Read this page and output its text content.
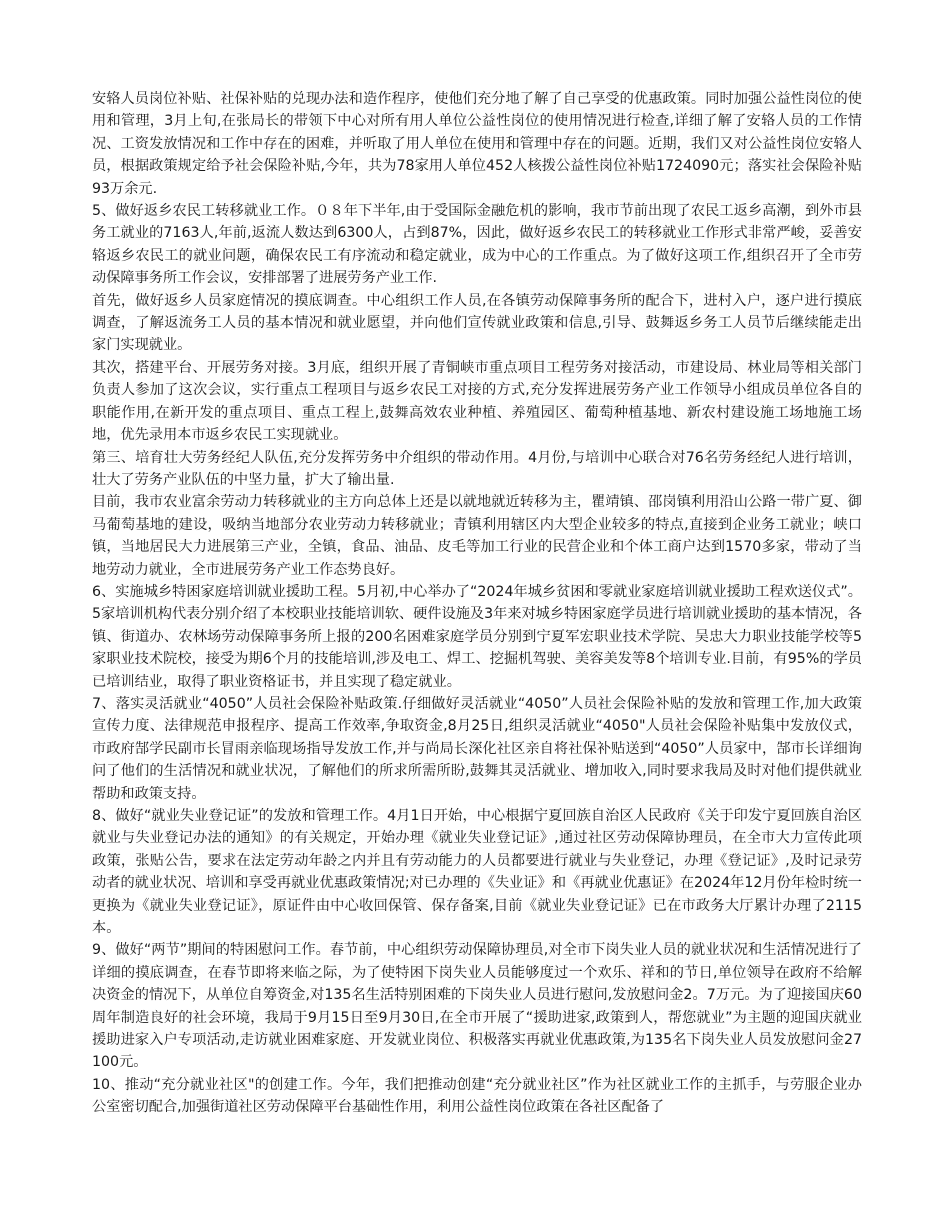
安辂人员岗位补贴、社保补贴的兑现办法和造作程序，使他们充分地了解了自己享受的优惠政策。同时加强公益性岗位的使用和管理，3月上旬,在张局长的带领下中心对所有用人单位公益性岗位的使用情况进行检查,详细了解了安辂人员的工作情况、工资发放情况和工作中存在的困难，并听取了用人单位在使用和管理中存在的问题。近期，我们又对公益性岗位安辂人员，根据政策规定给予社会保险补贴,今年，共为78家用人单位452人核拨公益性岗位补贴1724090元；落实社会保险补贴93万余元.

5、做好返乡农民工转移就业工作。０８年下半年,由于受国际金融危机的影响，我市节前出现了农民工返乡高潮，到外市县务工就业的7163人,年前,返流人数达到6300人，占到87%，因此，做好返乡农民工的转移就业工作形式非常严峻，妥善安辂返乡农民工的就业问题，确保农民工有序流动和稳定就业，成为中心的工作重点。为了做好这项工作,组织召开了全市劳动保障事务所工作会议，安排部署了进展劳务产业工作.

首先，做好返乡人员家庭情况的摸底调查。中心组织工作人员,在各镇劳动保障事务所的配合下，进村入户，逐户进行摸底调查，了解返流务工人员的基本情况和就业愿望，并向他们宣传就业政策和信息,引导、鼓舞返乡务工人员节后继续能走出家门实现就业。

其次，搭建平台、开展劳务对接。3月底，组织开展了青铜峡市重点项目工程劳务对接活动，市建设局、林业局等相关部门负责人参加了这次会议，实行重点工程项目与返乡农民工对接的方式,充分发挥进展劳务产业工作领导小组成员单位各自的职能作用,在新开发的重点项目、重点工程上,鼓舞高效农业种植、养殖园区、葡萄种植基地、新农村建设施工场地施工场地，优先录用本市返乡农民工实现就业。

第三、培育壮大劳务经纪人队伍,充分发挥劳务中介组织的带动作用。4月份,与培训中心联合对76名劳务经纪人进行培训，壮大了劳务产业队伍的中坚力量，扩大了输出量.

目前，我市农业富余劳动力转移就业的主方向总体上还是以就地就近转移为主，瞿靖镇、邵岗镇利用沿山公路一带广夏、御马葡萄基地的建设，吸纳当地部分农业劳动力转移就业；青镇利用辖区内大型企业较多的特点,直接到企业务工就业；峡口镇，当地居民大力进展第三产业，全镇，食品、油品、皮毛等加工行业的民营企业和个体工商户达到1570多家，带动了当地劳动力就业，全市进展劳务产业工作态势良好。

6、实施城乡特困家庭培训就业援助工程。5月初,中心举办了“2024年城乡贫困和零就业家庭培训就业援助工程欢送仪式”。 5家培训机构代表分别介绍了本校职业技能培训软、硬件设施及3年来对城乡特困家庭学员进行培训就业援助的基本情况，各镇、街道办、农林场劳动保障事务所上报的200名困难家庭学员分别到宁夏军宏职业技术学院、吴忠大力职业技能学校等5家职业技术院校，接受为期6个月的技能培训,涉及电工、焊工、挖掘机驾驶、美容美发等8个培训专业.目前，有95%的学员已培训结业，取得了职业资格证书，并且实现了稳定就业。

7、落实灵活就业“4050”人员社会保险补贴政策.仔细做好灵活就业“4050”人员社会保险补贴的发放和管理工作,加大政策宣传力度、法律规范申报程序、提高工作效率,争取资金,8月25日,组织灵活就业“4050"人员社会保险补贴集中发放仪式，市政府郜学民副市长冒雨亲临现场指导发放工作,并与尚局长深化社区亲自将社保补贴送到“4050”人员家中，郜市长详细询问了他们的生活情况和就业状况，了解他们的所求所需所盼,鼓舞其灵活就业、增加收入,同时要求我局及时对他们提供就业帮助和政策支持。

8、做好“就业失业登记证”的发放和管理工作。4月1日开始，中心根据宁夏回族自治区人民政府《关于印发宁夏回族自治区就业与失业登记办法的通知》的有关规定，开始办理《就业失业登记证》,通过社区劳动保障协理员，在全市大力宣传此项政策，张贴公告，要求在法定劳动年龄之内并且有劳动能力的人员都要进行就业与失业登记，办理《登记证》,及时记录劳动者的就业状况、培训和享受再就业优惠政策情况;对已办理的《失业证》和《再就业优惠证》在2024年12月份年检时统一更换为《就业失业登记证》，原证件由中心收回保管、保存备案,目前《就业失业登记证》已在市政务大厅累计办理了2115本。

9、做好“两节”期间的特困慰问工作。春节前，中心组织劳动保障协理员,对全市下岗失业人员的就业状况和生活情况进行了详细的摸底调查，在春节即将来临之际，为了使特困下岗失业人员能够度过一个欢乐、祥和的节日,单位领导在政府不给解决资金的情况下，从单位自筹资金,对135名生活特别困难的下岗失业人员进行慰问,发放慰问金2。7万元。为了迎接国庆60周年制造良好的社会环境，我局于9月15日至9月30日,在全市开展了“援助进家,政策到人，帮您就业”为主题的迎国庆就业援助进家入户专项活动,走访就业困难家庭、开发就业岗位、积极落实再就业优惠政策,为135名下岗失业人员发放慰问金27100元。

10、推动“充分就业社区"的创建工作。今年，我们把推动创建“充分就业社区”作为社区就业工作的主抓手，与劳服企业办公室密切配合,加强街道社区劳动保障平台基础性作用，利用公益性岗位政策在各社区配备了
